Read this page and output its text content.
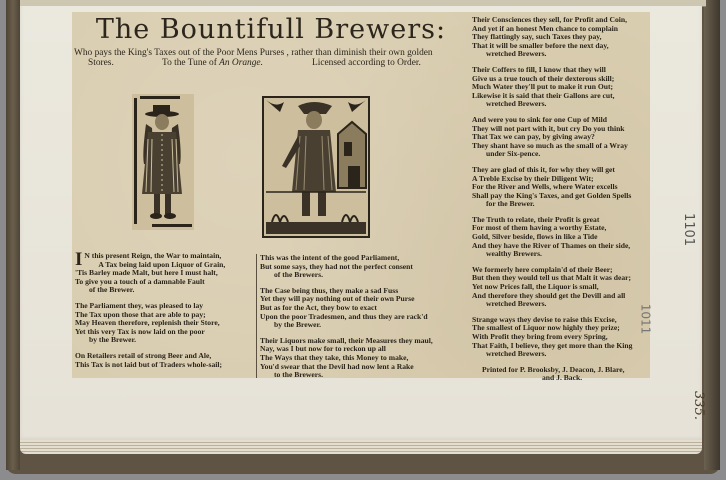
The Bountifull Brewers:
Who pays the King's Taxes out of the Poor Mens Purses , rather than diminish their own golden
Stores.	To the Tune of An Orange.	Licensed according to Order.
I N this present Reign, the War to maintain,
A Tax being laid upon Liquor of Grain,
'Tis Barley made Malt, but here I must halt,
To give you a touch of a damnable Fault
of the Brewer.
The Parliament they, was pleased to lay
The Tax upon those that are able to pay;
May Heaven therefore, replenish their Store,
Yet this very Tax is now laid on the poor
by the Brewer.
On Retailers retail of strong Beer and Ale,
This Tax is not laid but of Traders whole-sail;
This was the intent of the good Parliament,
But some says, they had not the perfect consent
of the Brewers.
The Case being thus, they make a sad Fuss
Yet they will pay nothing out of their own Purse
But as for the Act, they bow to exact
Upon the poor Tradesmen, and thus they are rack'd
by the Brewer.
Their Liquors make small, their Measures they maul,
Nay, was I but now for to reckon up all
The Ways that they take, this Money to make,
You'd swear that the Devil had now lent a Rake
to the Brewers.
Their Consciences they sell, for Profit and Coin,
And yet if an honest Men chance to complain
They flattingly say, such Taxes they pay,
That it will be smaller before the next day,
wretched Brewers.
Their Coffers to fill, I know that they will
Give us a true touch of their dexterous skill;
Much Water they'll put to make it run Out;
Likewise it is said that their Gallons are cut,
wretched Brewers.
And were you to sink for one Cup of Mild
They will not part with it, but cry Do you think
That Tax we can pay, by giving away?
They shant have so much as the small of a Wray
under Six-pence.
They are glad of this it, for why they will get
A Treble Excise by their Diligent Wit;
For the River and Wells, where Water excells
Shall pay the King's Taxes, and get Golden Spells
for the Brewer.
The Truth to relate, their Profit is great
For most of them having a worthy Estate,
Gold, Silver beside, flows in like a Tide
And they have the River of Thames on their side,
wealthy Brewers.
We formerly here complain'd of their Beer;
But then they would tell us that Malt it was dear;
Yet now Prices fall, the Liquor is small,
And therefore they should get the Devill and all
wretched Brewers.
Strange ways they devise to raise this Excise,
The smallest of Liquor now highly they prize;
With Profit they bring from every Spring,
That Faith, I believe, they get more than the King
wretched Brewers.
Printed for P. Brooksby, J. Deacon, J. Blare,
and J. Back.
1101
1011
335.
